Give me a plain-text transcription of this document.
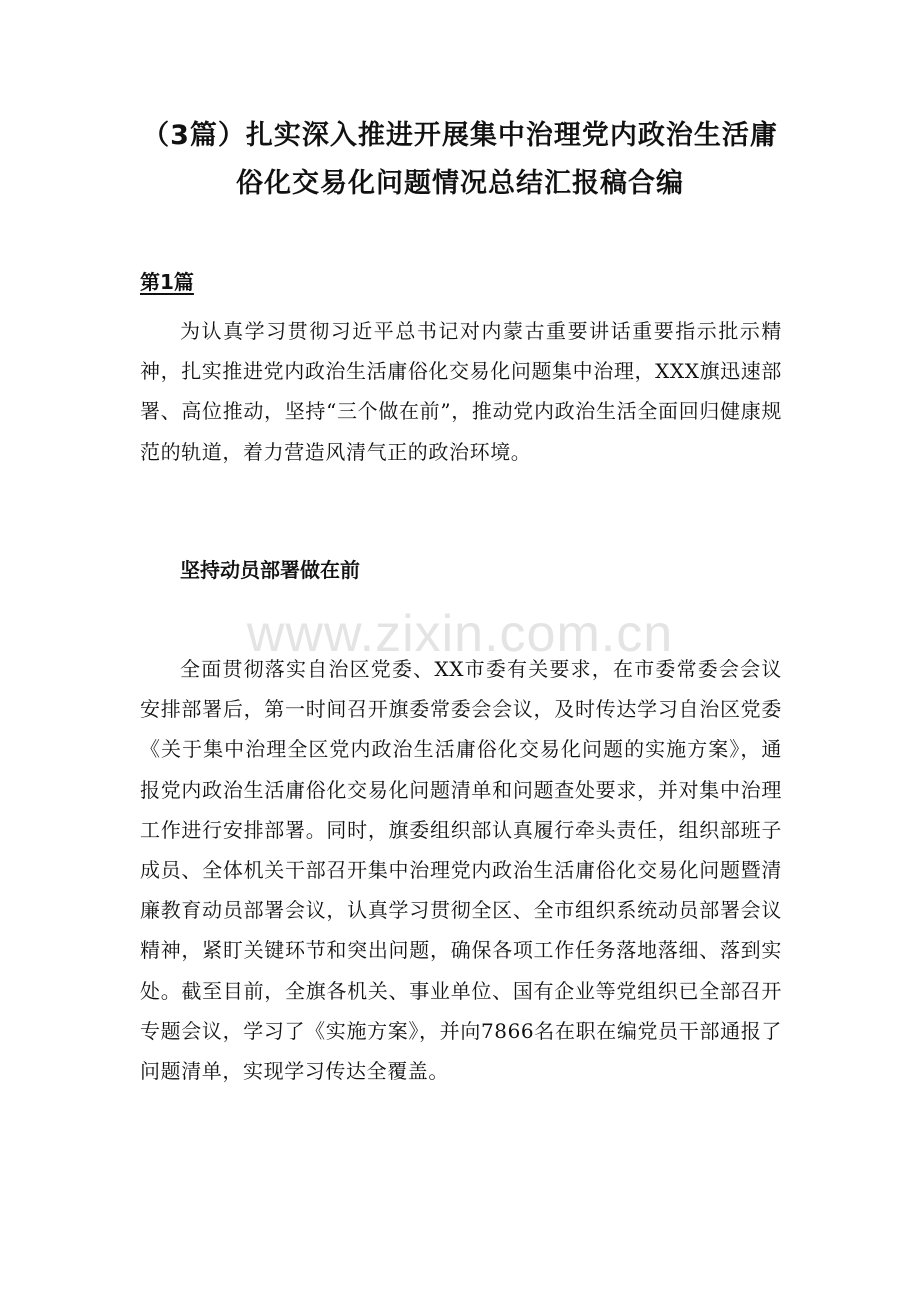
（3篇）扎实深入推进开展集中治理党内政治生活庸
俗化交易化问题情况总结汇报稿合编
第1篇

为认真学习贯彻习近平总书记对内蒙古重要讲话重要指示批示精神，扎实推进党内政治生活庸俗化交易化问题集中治理，XXX旗迅速部署、高位推动，坚持“三个做在前”，推动党内政治生活全面回归健康规范的轨道，着力营造风清气正的政治环境。

坚持动员部署做在前
www.zixin.com.cn

全面贯彻落实自治区党委、XX市委有关要求，在市委常委会会议安排部署后，第一时间召开旗委常委会会议，及时传达学习自治区党委《关于集中治理全区党内政治生活庸俗化交易化问题的实施方案》，通报党内政治生活庸俗化交易化问题清单和问题查处要求，并对集中治理工作进行安排部署。同时，旗委组织部认真履行牵头责任，组织部班子成员、全体机关干部召开集中治理党内政治生活庸俗化交易化问题暨清廉教育动员部署会议，认真学习贯彻全区、全市组织系统动员部署会议精神，紧盯关键环节和突出问题，确保各项工作任务落地落细、落到实处。截至目前，全旗各机关、事业单位、国有企业等党组织已全部召开专题会议，学习了《实施方案》，并向7866名在职在编党员干部通报了问题清单，实现学习传达全覆盖。
